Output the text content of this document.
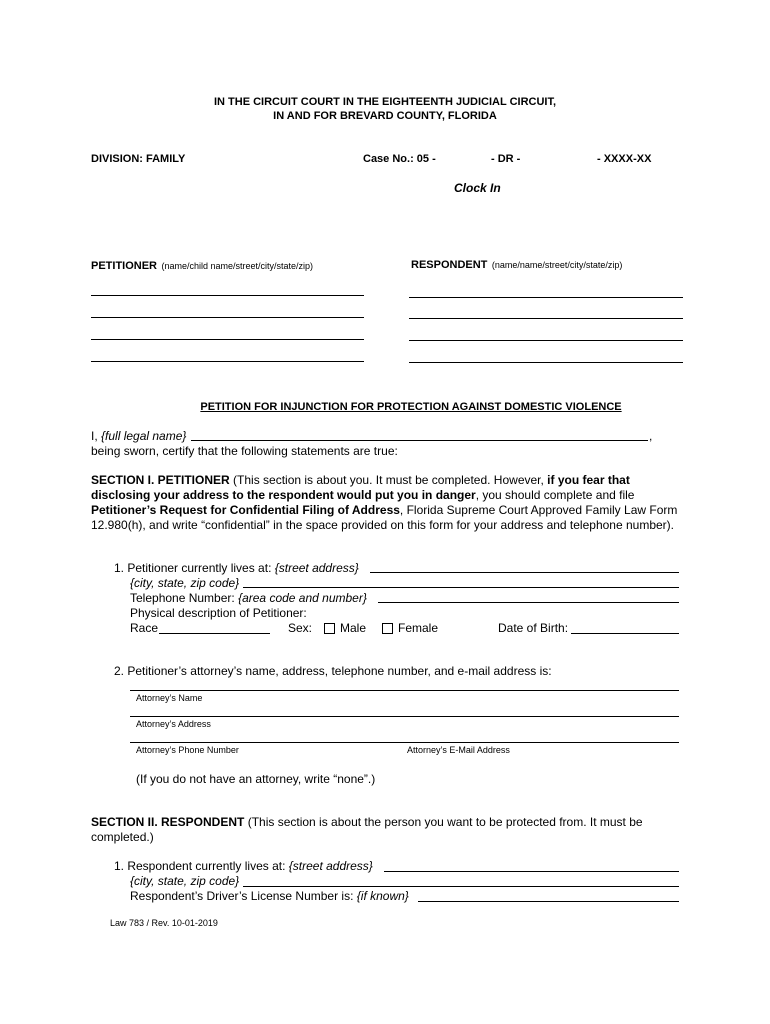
IN THE CIRCUIT COURT IN THE EIGHTEENTH JUDICIAL CIRCUIT,
IN AND FOR BREVARD COUNTY, FLORIDA
DIVISION: FAMILY	Case No.: 05 -	- DR -	- XXXX-XX
Clock In
PETITIONER (name/child name/street/city/state/zip)	RESPONDENT (name/name/street/city/state/zip)
PETITION FOR INJUNCTION FOR PROTECTION AGAINST DOMESTIC VIOLENCE
I, {full legal name}	,
being sworn, certify that the following statements are true:
SECTION I. PETITIONER (This section is about you. It must be completed. However, if you fear that disclosing your address to the respondent would put you in danger, you should complete and file Petitioner’s Request for Confidential Filing of Address, Florida Supreme Court Approved Family Law Form 12.980(h), and write “confidential” in the space provided on this form for your address and telephone number).
1. Petitioner currently lives at: {street address}
{city, state, zip code}
Telephone Number: {area code and number}
Physical description of Petitioner:
Race	Sex:	Male	Female	Date of Birth:
2. Petitioner’s attorney’s name, address, telephone number, and e-mail address is:
Attorney’s Name
Attorney’s Address
Attorney’s Phone Number	Attorney’s E-Mail Address
(If you do not have an attorney, write “none”.)
SECTION II. RESPONDENT (This section is about the person you want to be protected from. It must be completed.)
1. Respondent currently lives at: {street address}
{city, state, zip code}
Respondent’s Driver’s License Number is: {if known}
Law 783 / Rev. 10-01-2019
